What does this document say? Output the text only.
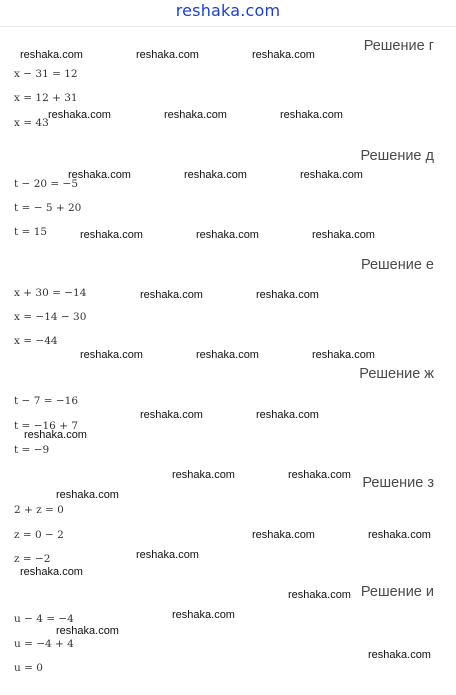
reshaka.com
Решение г
x − 31 = 12
x = 12 + 31
x = 43
Решение д
t − 20 = −5
t = − 5 + 20
t = 15
Решение е
x + 30 = −14
x = −14 − 30
x = −44
Решение ж
t − 7 = −16
t = −16 + 7
t = −9
Решение з
2 + z = 0
z = 0 − 2
z = −2
Решение и
u − 4 = −4
u = −4 + 4
u = 0
reshaka.com	reshaka.com	reshaka.com
reshaka.com	reshaka.com	reshaka.com
reshaka.com	reshaka.com	reshaka.com
reshaka.com	reshaka.com	reshaka.com
reshaka.com	reshaka.com
reshaka.com	reshaka.com	reshaka.com
reshaka.com	reshaka.com
reshaka.com
reshaka.com	reshaka.com
reshaka.com
reshaka.com	reshaka.com
reshaka.com
reshaka.com
reshaka.com
reshaka.com
reshaka.com
reshaka.com
